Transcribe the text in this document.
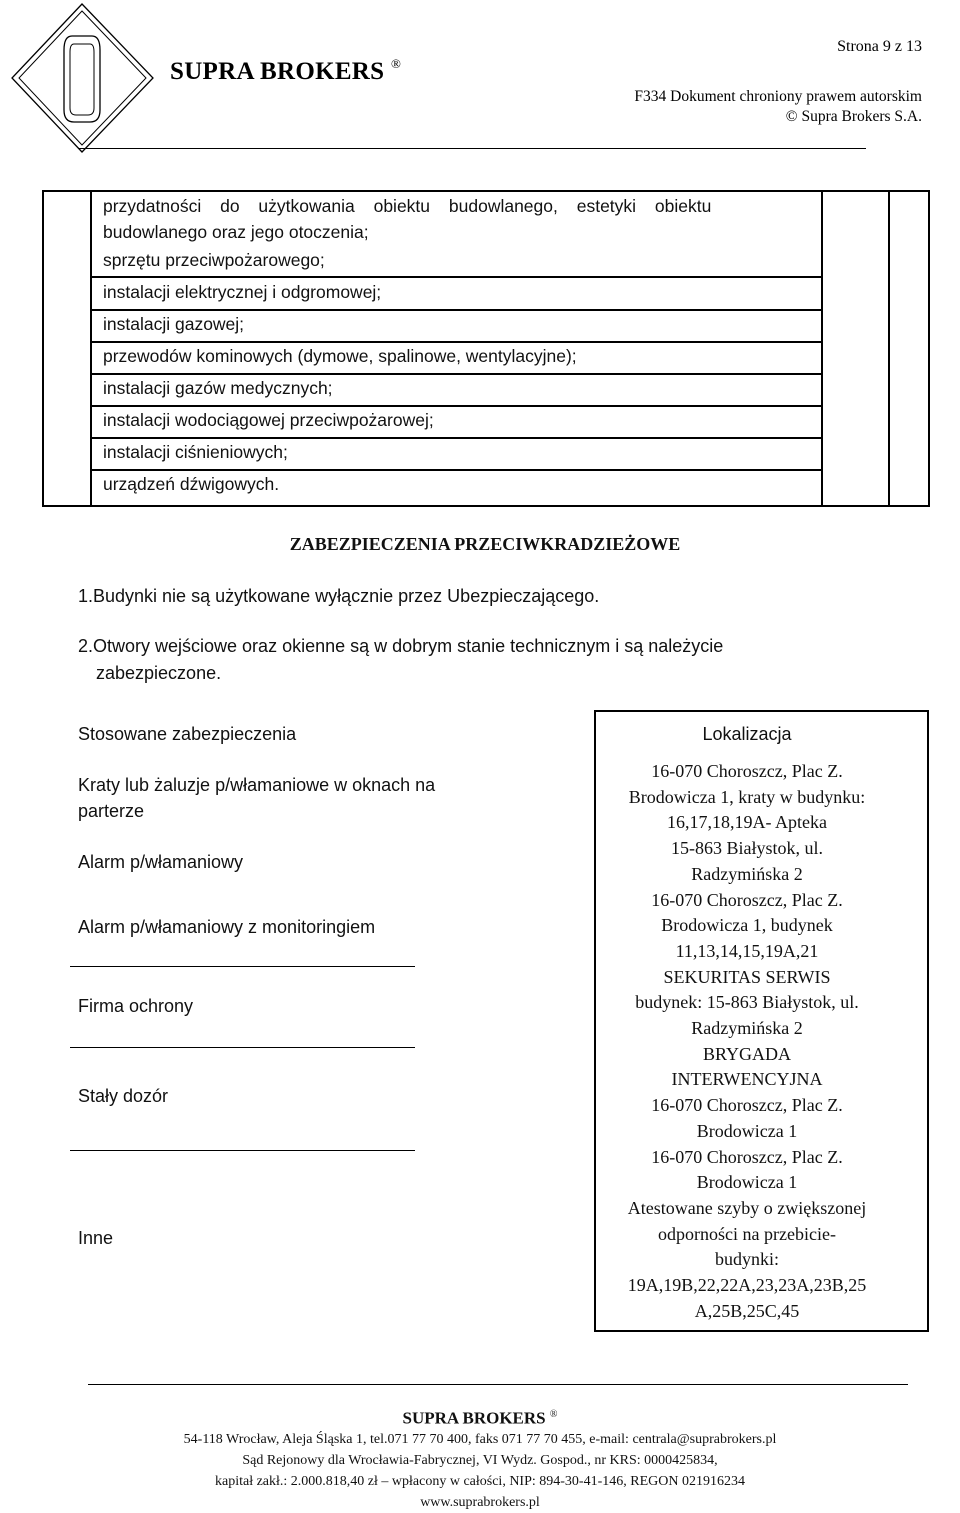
SUPRA BROKERS ®
Strona 9 z 13
F334 Dokument chroniony prawem autorskim
© Supra Brokers S.A.
przydatności do użytkowania obiektu budowlanego, estetyki obiektu
budowlanego oraz jego otoczenia;
sprzętu przeciwpożarowego;
instalacji elektrycznej i odgromowej;
instalacji gazowej;
przewodów kominowych (dymowe, spalinowe, wentylacyjne);
instalacji gazów medycznych;
instalacji wodociągowej przeciwpożarowej;
instalacji ciśnieniowych;
urządzeń dźwigowych.
ZABEZPIECZENIA PRZECIWKRADZIEŻOWE
1.Budynki nie są użytkowane wyłącznie przez Ubezpieczającego.
2.Otwory wejściowe oraz okienne są w dobrym stanie technicznym i są należycie
zabezpieczone.
Stosowane zabezpieczenia	Lokalizacja
Kraty lub żaluzje p/włamaniowe w oknach na
parterze
Alarm p/włamaniowy
Alarm p/włamaniowy z monitoringiem
Firma ochrony
Stały dozór
Inne
16-070 Choroszcz, Plac Z.
Brodowicza 1, kraty w budynku:
16,17,18,19A- Apteka
15-863 Białystok, ul.
Radzymińska 2
16-070 Choroszcz, Plac Z.
Brodowicza 1, budynek
11,13,14,15,19A,21
SEKURITAS SERWIS
budynek: 15-863 Białystok, ul.
Radzymińska 2
BRYGADA
INTERWENCYJNA
16-070 Choroszcz, Plac Z.
Brodowicza 1
16-070 Choroszcz, Plac Z.
Brodowicza 1
Atestowane szyby o zwiększonej
odporności na przebicie-
budynki:
19A,19B,22,22A,23,23A,23B,25
A,25B,25C,45
SUPRA BROKERS ®
54-118 Wrocław, Aleja Śląska 1, tel.071 77 70 400, faks 071 77 70 455, e-mail: centrala@suprabrokers.pl
Sąd Rejonowy dla Wrocławia-Fabrycznej, VI Wydz. Gospod., nr KRS: 0000425834,
kapitał zakł.: 2.000.818,40 zł – wpłacony w całości, NIP: 894-30-41-146, REGON 021916234
www.suprabrokers.pl
